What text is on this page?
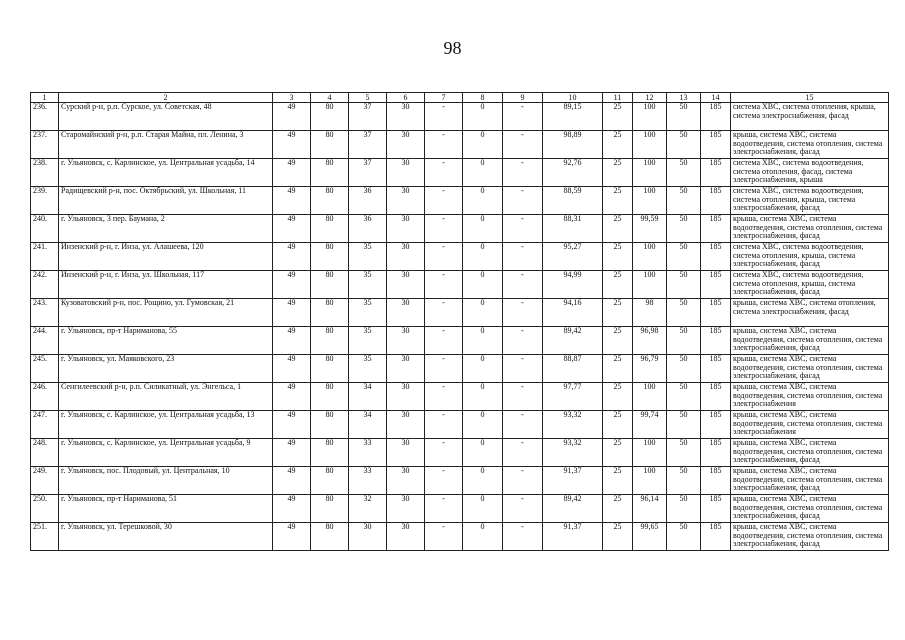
98
1	2	3	4	5	6	7	8	9	10	11	12	13	14	15
236.	Сурский р-н, р.п. Сурское, ул. Советская, 48	49	80	37	30	-	0	-	89,15	25	100	50	185	система ХВС, система отопления, крыша, система электроснабжения, фасад
237.	Старомайнский р-н, р.п. Старая Майна, пл. Ленина, 3	49	80	37	30	-	0	-	98,89	25	100	50	185	крыша, система ХВС, система водоотведения, система отопления, система электроснабжения, фасад
238.	г. Ульяновск, с. Карлинское, ул. Центральная усадьба, 14	49	80	37	30	-	0	-	92,76	25	100	50	185	система ХВС, система водоотведения, система отопления, фасад, система электроснабжения, крыша
239.	Радищевский р-н, пос. Октябрьский, ул. Школьная, 11	49	80	36	30	-	0	-	88,59	25	100	50	185	система ХВС, система водоотведения, система отопления, крыша, система электроснабжения, фасад
240.	г. Ульяновск, 3 пер. Баумана, 2	49	80	36	30	-	0	-	88,31	25	99,59	50	185	крыша, система ХВС, система водоотведения, система отопления, система электроснабжения, фасад
241.	Инзенский р-н, г. Инза, ул. Алашеева, 120	49	80	35	30	-	0	-	95,27	25	100	50	185	система ХВС, система водоотведения, система отопления, крыша, система электроснабжения, фасад
242.	Инзенский р-н, г. Инза, ул. Школьная, 117	49	80	35	30	-	0	-	94,99	25	100	50	185	система ХВС, система водоотведения, система отопления, крыша, система электроснабжения, фасад
243.	Кузоватовский р-н, пос. Рощино, ул. Гумовская, 21	49	80	35	30	-	0	-	94,16	25	98	50	185	крыша, система ХВС, система отопления, система электроснабжения, фасад
244.	г. Ульяновск, пр-т Нариманова, 55	49	80	35	30	-	0	-	89,42	25	96,98	50	185	крыша, система ХВС, система водоотведения, система отопления, система электроснабжения, фасад
245.	г. Ульяновск, ул. Маяковского, 23	49	80	35	30	-	0	-	88,87	25	96,79	50	185	крыша, система ХВС, система водоотведения, система отопления, система электроснабжения, фасад
246.	Сенгилеевский р-н, р.п. Силикатный, ул. Энгельса, 1	49	80	34	30	-	0	-	97,77	25	100	50	185	крыша, система ХВС, система водоотведения, система отопления, система электроснабжения
247.	г. Ульяновск, с. Карлинское, ул. Центральная усадьба, 13	49	80	34	30	-	0	-	93,32	25	99,74	50	185	крыша, система ХВС, система водоотведения, система отопления, система электроснабжения
248.	г. Ульяновск, с. Карлинское, ул. Центральная усадьба, 9	49	80	33	30	-	0	-	93,32	25	100	50	185	крыша, система ХВС, система водоотведения, система отопления, система электроснабжения, фасад
249.	г. Ульяновск, пос. Плодовый, ул. Центральная, 10	49	80	33	30	-	0	-	91,37	25	100	50	185	крыша, система ХВС, система водоотведения, система отопления, система электроснабжения, фасад
250.	г. Ульяновск, пр-т Нариманова, 51	49	80	32	30	-	0	-	89,42	25	96,14	50	185	крыша, система ХВС, система водоотведения, система отопления, система электроснабжения, фасад
251.	г. Ульяновск, ул. Терешковой, 30	49	80	30	30	-	0	-	91,37	25	99,65	50	185	крыша, система ХВС, система водоотведения, система отопления, система электроснабжения, фасад
